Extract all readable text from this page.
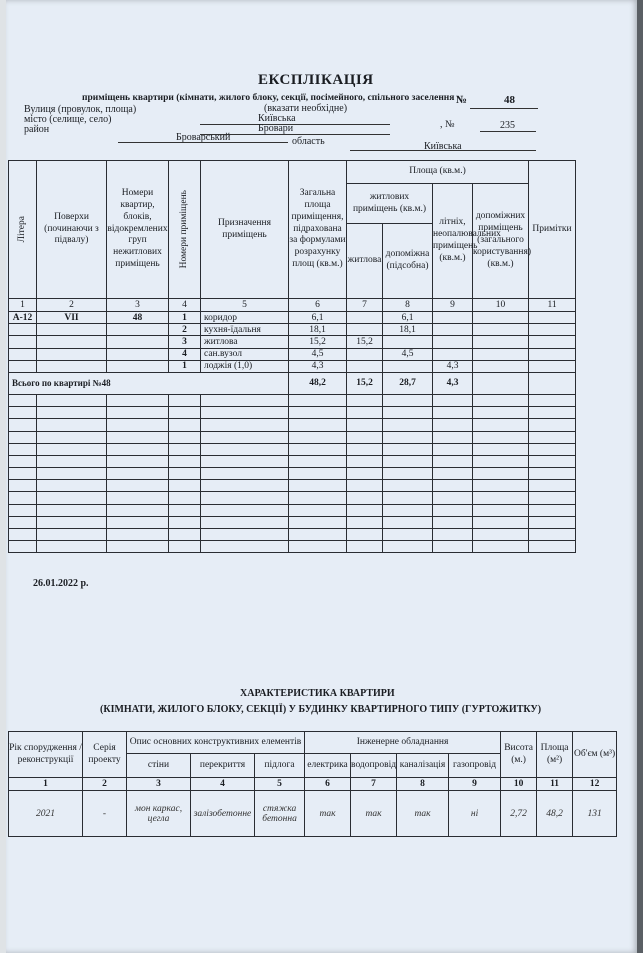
ЕКСПЛІКАЦІЯ
приміщень квартири (кімнати, жилого блоку, секції, посімейного, спільного заселення №	48
Вулиця (провулок, площа)	(вказати необхідне)
Київська
місто (селище, село)
Бровари	, №	235
район
Броварський	область	Київська
Літера	Поверхи (починаючи з підвалу)	Номери квартир, блоків, відокремлених груп нежитлових приміщень	Номери приміщень	Призначення приміщень	Загальна площа приміщення, підрахована за формулами розрахунку площ (кв.м.)	Площа (кв.м.)				Примітки
						житлових приміщень (кв.м.)		літніх, неопалювальних приміщень (кв.м.)	допоміжних приміщень (загального користування) (кв.м.)	
						житлова	допоміжна (підсобна)			
1	2	3	4	5	6	7	8	9	10	11
А-12	VII	48	1	коридор	6,1		6,1			
			2	кухня-їдальня	18,1		18,1			
			3	житлова	15,2	15,2				
			4	сан.вузол	4,5		4,5			
			1	лоджія (1,0)	4,3			4,3		
Всього по квартирі №48					48,2	15,2	28,7	4,3		

26.01.2022 р.
ХАРАКТЕРИСТИКА КВАРТИРИ
(КІМНАТИ, ЖИЛОГО БЛОКУ, СЕКЦІЇ) У БУДИНКУ КВАРТИРНОГО ТИПУ (ГУРТОЖИТКУ)
Рік спорудження / реконструкції	Серія проекту	Опис основних конструктивних елементів			Інженерне обладнання				Висота (м.)	Площа (м²)	Об'єм (м³)
		стіни	перекриття	підлога	електрика	водопровід	каналізація	газопровід			
1	2	3	4	5	6	7	8	9	10	11	12
2021	-	мон каркас, цегла	залізобетонне	стяжка бетонна	так	так	так	ні	2,72	48,2	131
